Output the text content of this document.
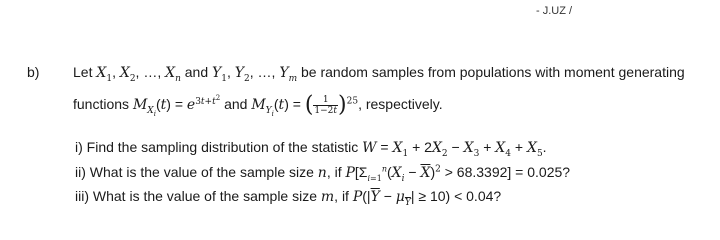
- J.UZ /
b) Let $X_1$, $X_2$, …, $X_n$ and $Y_1$, $Y_2$, …, $Y_m$ be random samples from populations with moment generating
functions $M_{X_i}(t) = e^{3t+t^2}$ and $M_{Y_i}(t)$ = ( $\frac{1}{1-2t} )^{25}$, respectively.
i) Find the sampling distribution of the statistic $W = X_1 + 2X_2 - X_3 + X_4 + X_5$.
ii) What is the value of the sample size n, if $P[\Sigma_{i=1}^n(X_i - \overline{X})^2 > 68.3392] = 0.025$?
iii) What is the value of the sample size m, if $P(|\overline{Y} - \mu_{\overline{Y}}| \ge 10) < 0.04$?
